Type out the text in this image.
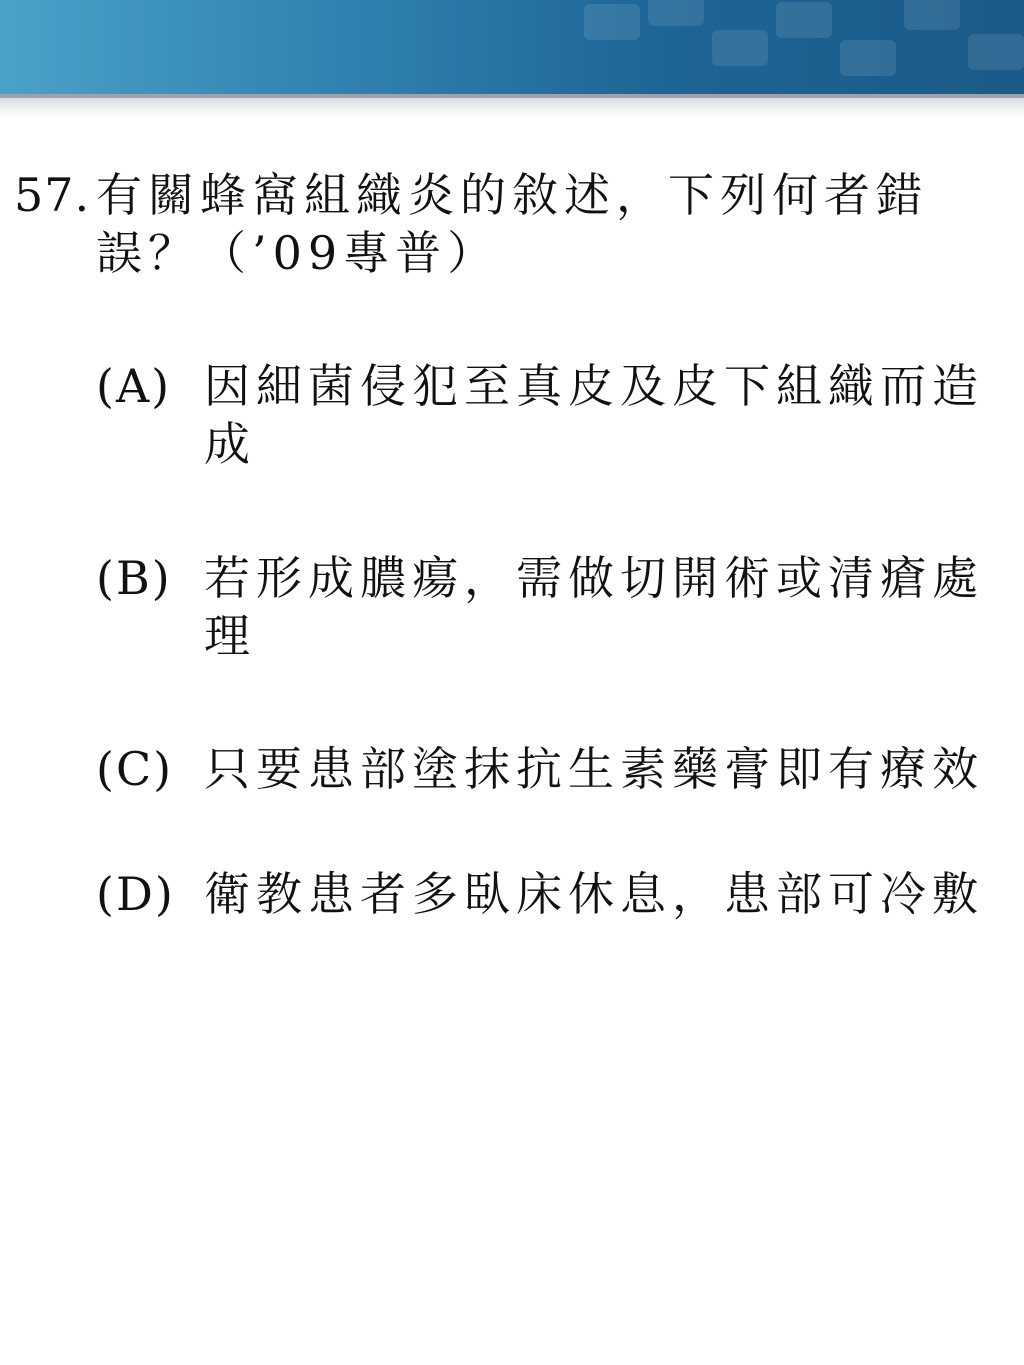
57. 有關蜂窩組織炎的敘述，下列何者錯
誤？（’09專普）
(A) 因細菌侵犯至真皮及皮下組織而造
成
(B) 若形成膿瘍，需做切開術或清瘡處
理
(C) 只要患部塗抹抗生素藥膏即有療效
(D) 衛教患者多臥床休息，患部可冷敷
